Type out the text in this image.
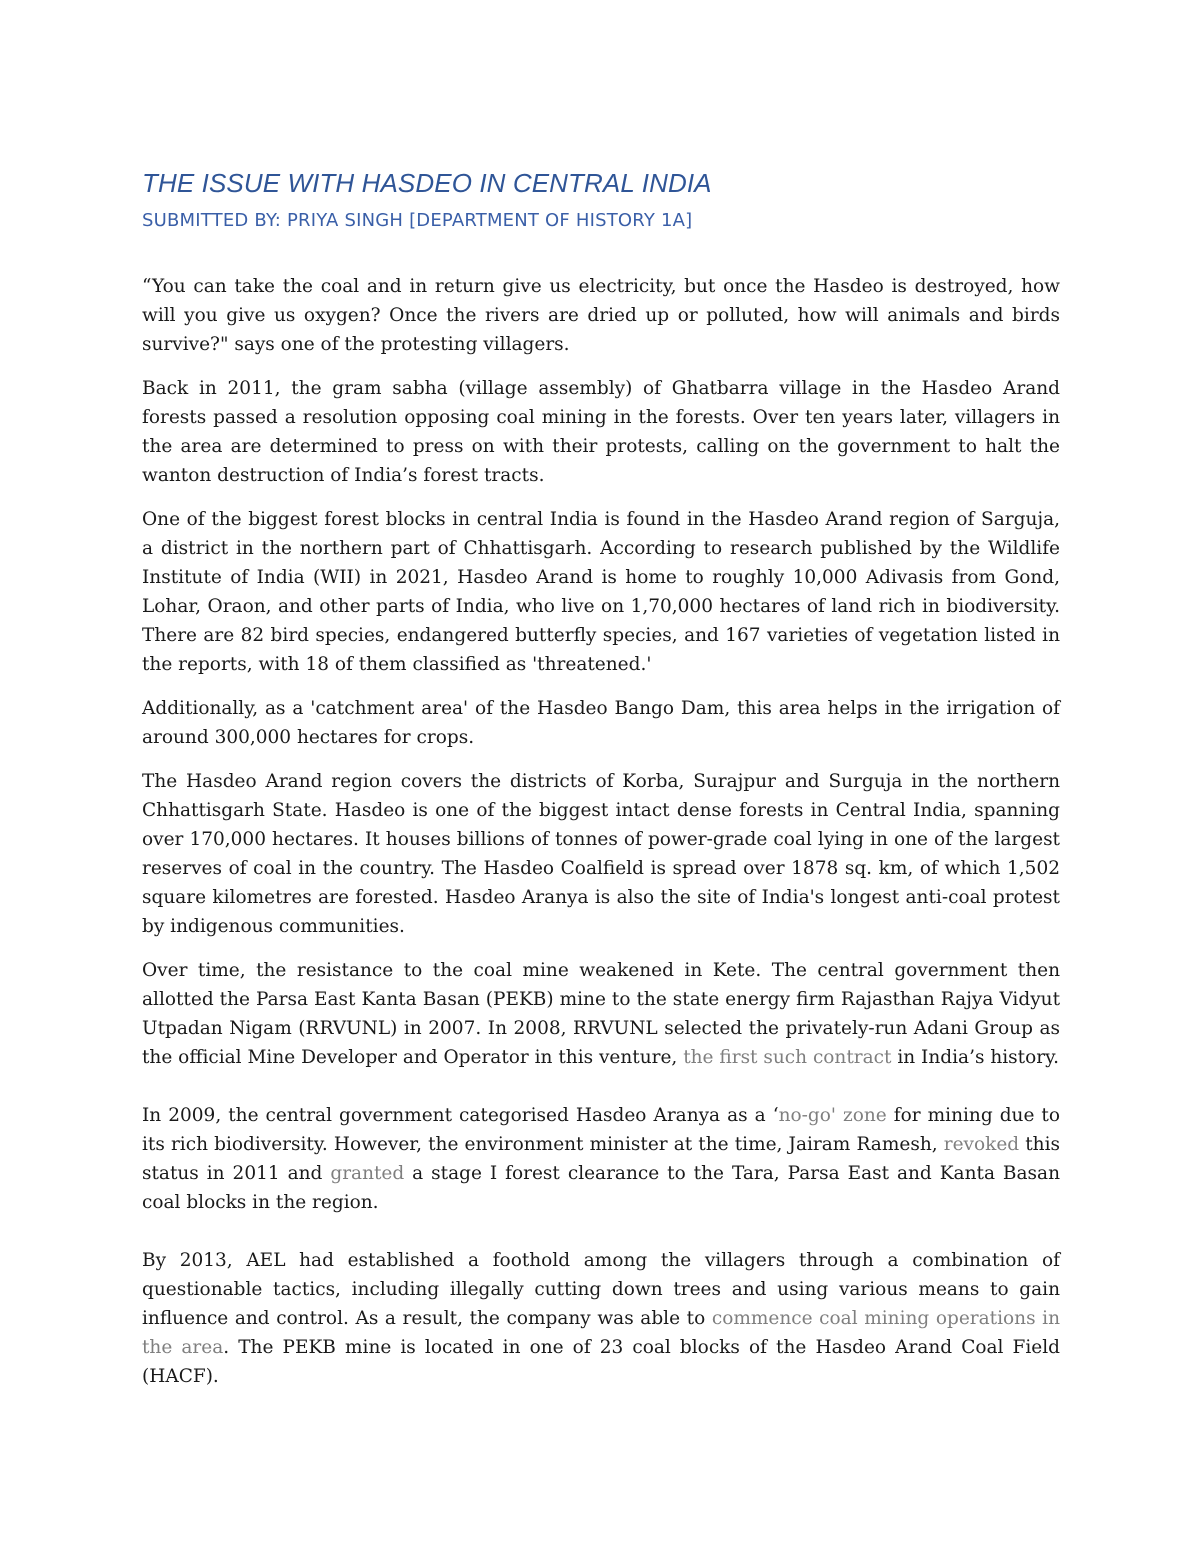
THE ISSUE WITH HASDEO IN CENTRAL INDIA
SUBMITTED BY: PRIYA SINGH [DEPARTMENT OF HISTORY 1A]

“You can take the coal and in return give us electricity, but once the Hasdeo is destroyed, how will you give us oxygen? Once the rivers are dried up or polluted, how will animals and birds survive?" says one of the protesting villagers.

Back in 2011, the gram sabha (village assembly) of Ghatbarra village in the Hasdeo Arand forests passed a resolution opposing coal mining in the forests. Over ten years later, villagers in the area are determined to press on with their protests, calling on the government to halt the wanton destruction of India’s forest tracts.

One of the biggest forest blocks in central India is found in the Hasdeo Arand region of Sarguja, a district in the northern part of Chhattisgarh. According to research published by the Wildlife Institute of India (WII) in 2021, Hasdeo Arand is home to roughly 10,000 Adivasis from Gond, Lohar, Oraon, and other parts of India, who live on 1,70,000 hectares of land rich in biodiversity. There are 82 bird species, endangered butterfly species, and 167 varieties of vegetation listed in the reports, with 18 of them classified as 'threatened.'

Additionally, as a 'catchment area' of the Hasdeo Bango Dam, this area helps in the irrigation of around 300,000 hectares for crops.

The Hasdeo Arand region covers the districts of Korba, Surajpur and Surguja in the northern Chhattisgarh State. Hasdeo is one of the biggest intact dense forests in Central India, spanning over 170,000 hectares. It houses billions of tonnes of power-grade coal lying in one of the largest reserves of coal in the country. The Hasdeo Coalfield is spread over 1878 sq. km, of which 1,502 square kilometres are forested. Hasdeo Aranya is also the site of India's longest anti-coal protest by indigenous communities.

Over time, the resistance to the coal mine weakened in Kete. The central government then allotted the Parsa East Kanta Basan (PEKB) mine to the state energy firm Rajasthan Rajya Vidyut Utpadan Nigam (RRVUNL) in 2007. In 2008, RRVUNL selected the privately-run Adani Group as the official Mine Developer and Operator in this venture, the first such contract in India’s history.

In 2009, the central government categorised Hasdeo Aranya as a ‘no-go' zone for mining due to its rich biodiversity. However, the environment minister at the time, Jairam Ramesh, revoked this status in 2011 and granted a stage I forest clearance to the Tara, Parsa East and Kanta Basan coal blocks in the region.

By 2013, AEL had established a foothold among the villagers through a combination of questionable tactics, including illegally cutting down trees and using various means to gain influence and control. As a result, the company was able to commence coal mining operations in the area. The PEKB mine is located in one of 23 coal blocks of the Hasdeo Arand Coal Field (HACF).
